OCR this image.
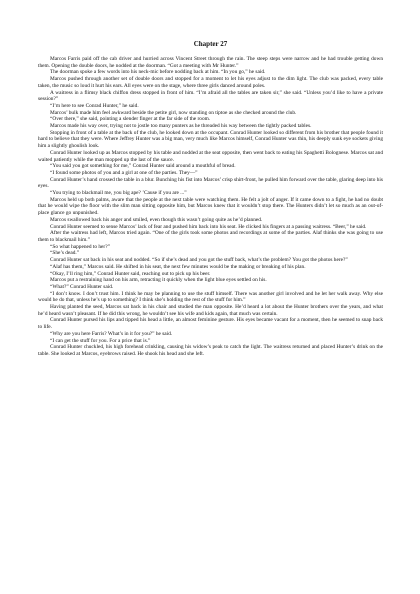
Chapter 27

Marcos Farris paid off the cab driver and hurried across Vincent Street through the rain. The steep steps were narrow and he had trouble getting down them. Opening the double doors, he nodded at the doorman. “Got a meeting with Mr Hunter.”

The doorman spoke a few words into his neck-mic before nodding back at him. “In you go,” he said.

Marcos pushed through another set of double doors and stopped for a moment to let his eyes adjust to the dim light. The club was packed, every table taken, the music so loud it hurt his ears. All eyes were on the stage, where three girls danced around poles.

A waitress in a flimsy black chiffon dress stopped in front of him. “I’m afraid all the tables are taken sir,” she said. “Unless you’d like to have a private session?”

“I’m here to see Conrad Hunter,” he said.

Marcos’ bulk made him feel awkward beside the petite girl, now standing on tiptoe as she checked around the club.

“Over there,” she said, pointing a slender finger at the far side of the room.

Marcos made his way over, trying not to jostle too many punters as he threaded his way between the tightly packed tables.

Stopping in front of a table at the back of the club, he looked down at the occupant. Conrad Hunter looked so different from his brother that people found it hard to believe that they were. Where Jeffrey Hunter was a big man, very much like Marcos himself, Conrad Hunter was thin, his deeply sunk eye sockets giving him a slightly ghoulish look.

Conrad Hunter looked up as Marcos stopped by his table and nodded at the seat opposite, then went back to eating his Spaghetti Bolognese. Marcos sat and waited patiently while the man mopped up the last of the sauce.

“You said you got something for me,” Conrad Hunter said around a mouthful of bread.

“I found some photos of you and a girl at one of the parties. They—”

Conrad Hunter’s hand crossed the table in a blur. Bunching his fist into Marcos’ crisp shirt-front, he pulled him forward over the table, glaring deep into his eyes.

“You trying to blackmail me, you big ape? ’Cause if you are ...”

Marcos held up both palms, aware that the people at the next table were watching them. He felt a jolt of anger. If it came down to a fight, he had no doubt that he would wipe the floor with the slim man sitting opposite him, but Marcos knew that it wouldn’t stop there. The Hunters didn’t let so much as an out-of-place glance go unpunished.

Marcos swallowed back his anger and smiled, even though this wasn’t going quite as he’d planned.

Conrad Hunter seemed to sense Marcos’ lack of fear and pushed him back into his seat. He clicked his fingers at a passing waitress. “Beer,” he said.

After the waitress had left, Marcos tried again. “One of the girls took some photos and recordings at some of the parties. Alaf thinks she was going to use them to blackmail him.”

“So what happened to her?”

“She’s dead.”

Conrad Hunter sat back in his seat and nodded. “So if she’s dead and you got the stuff back, what’s the problem? You got the photos here?”

“Alaf has them,” Marcos said. He shifted in his seat, the next few minutes would be the making or breaking of his plan.

“Okay, I’ll ring him,” Conrad Hunter said, reaching out to pick up his beer.

Marcos put a restraining hand on his arm, retracting it quickly when the light blue eyes settled on his.

“What?” Conrad Hunter said.

“I don’t know. I don’t trust him. I think he may be planning to use the stuff himself. There was another girl involved and he let her walk away. Why else would he do that, unless he’s up to something? I think she’s holding the rest of the stuff for him.”

Having planted the seed, Marcos sat back in his chair and studied the man opposite. He’d heard a lot about the Hunter brothers over the years, and what he’d heard wasn’t pleasant. If he did this wrong, he wouldn’t see his wife and kids again, that much was certain.

Conrad Hunter pursed his lips and tipped his head a little, an almost feminine gesture. His eyes became vacant for a moment, then he seemed to snap back to life.

“Why are you here Farris? What’s in it for you?” he said.

“I can get the stuff for you. For a price that is.”

Conrad Hunter chuckled, his high forehead crinkling, causing his widow’s peak to catch the light. The waitress returned and placed Hunter’s drink on the table. She looked at Marcos, eyebrows raised. He shook his head and she left.
